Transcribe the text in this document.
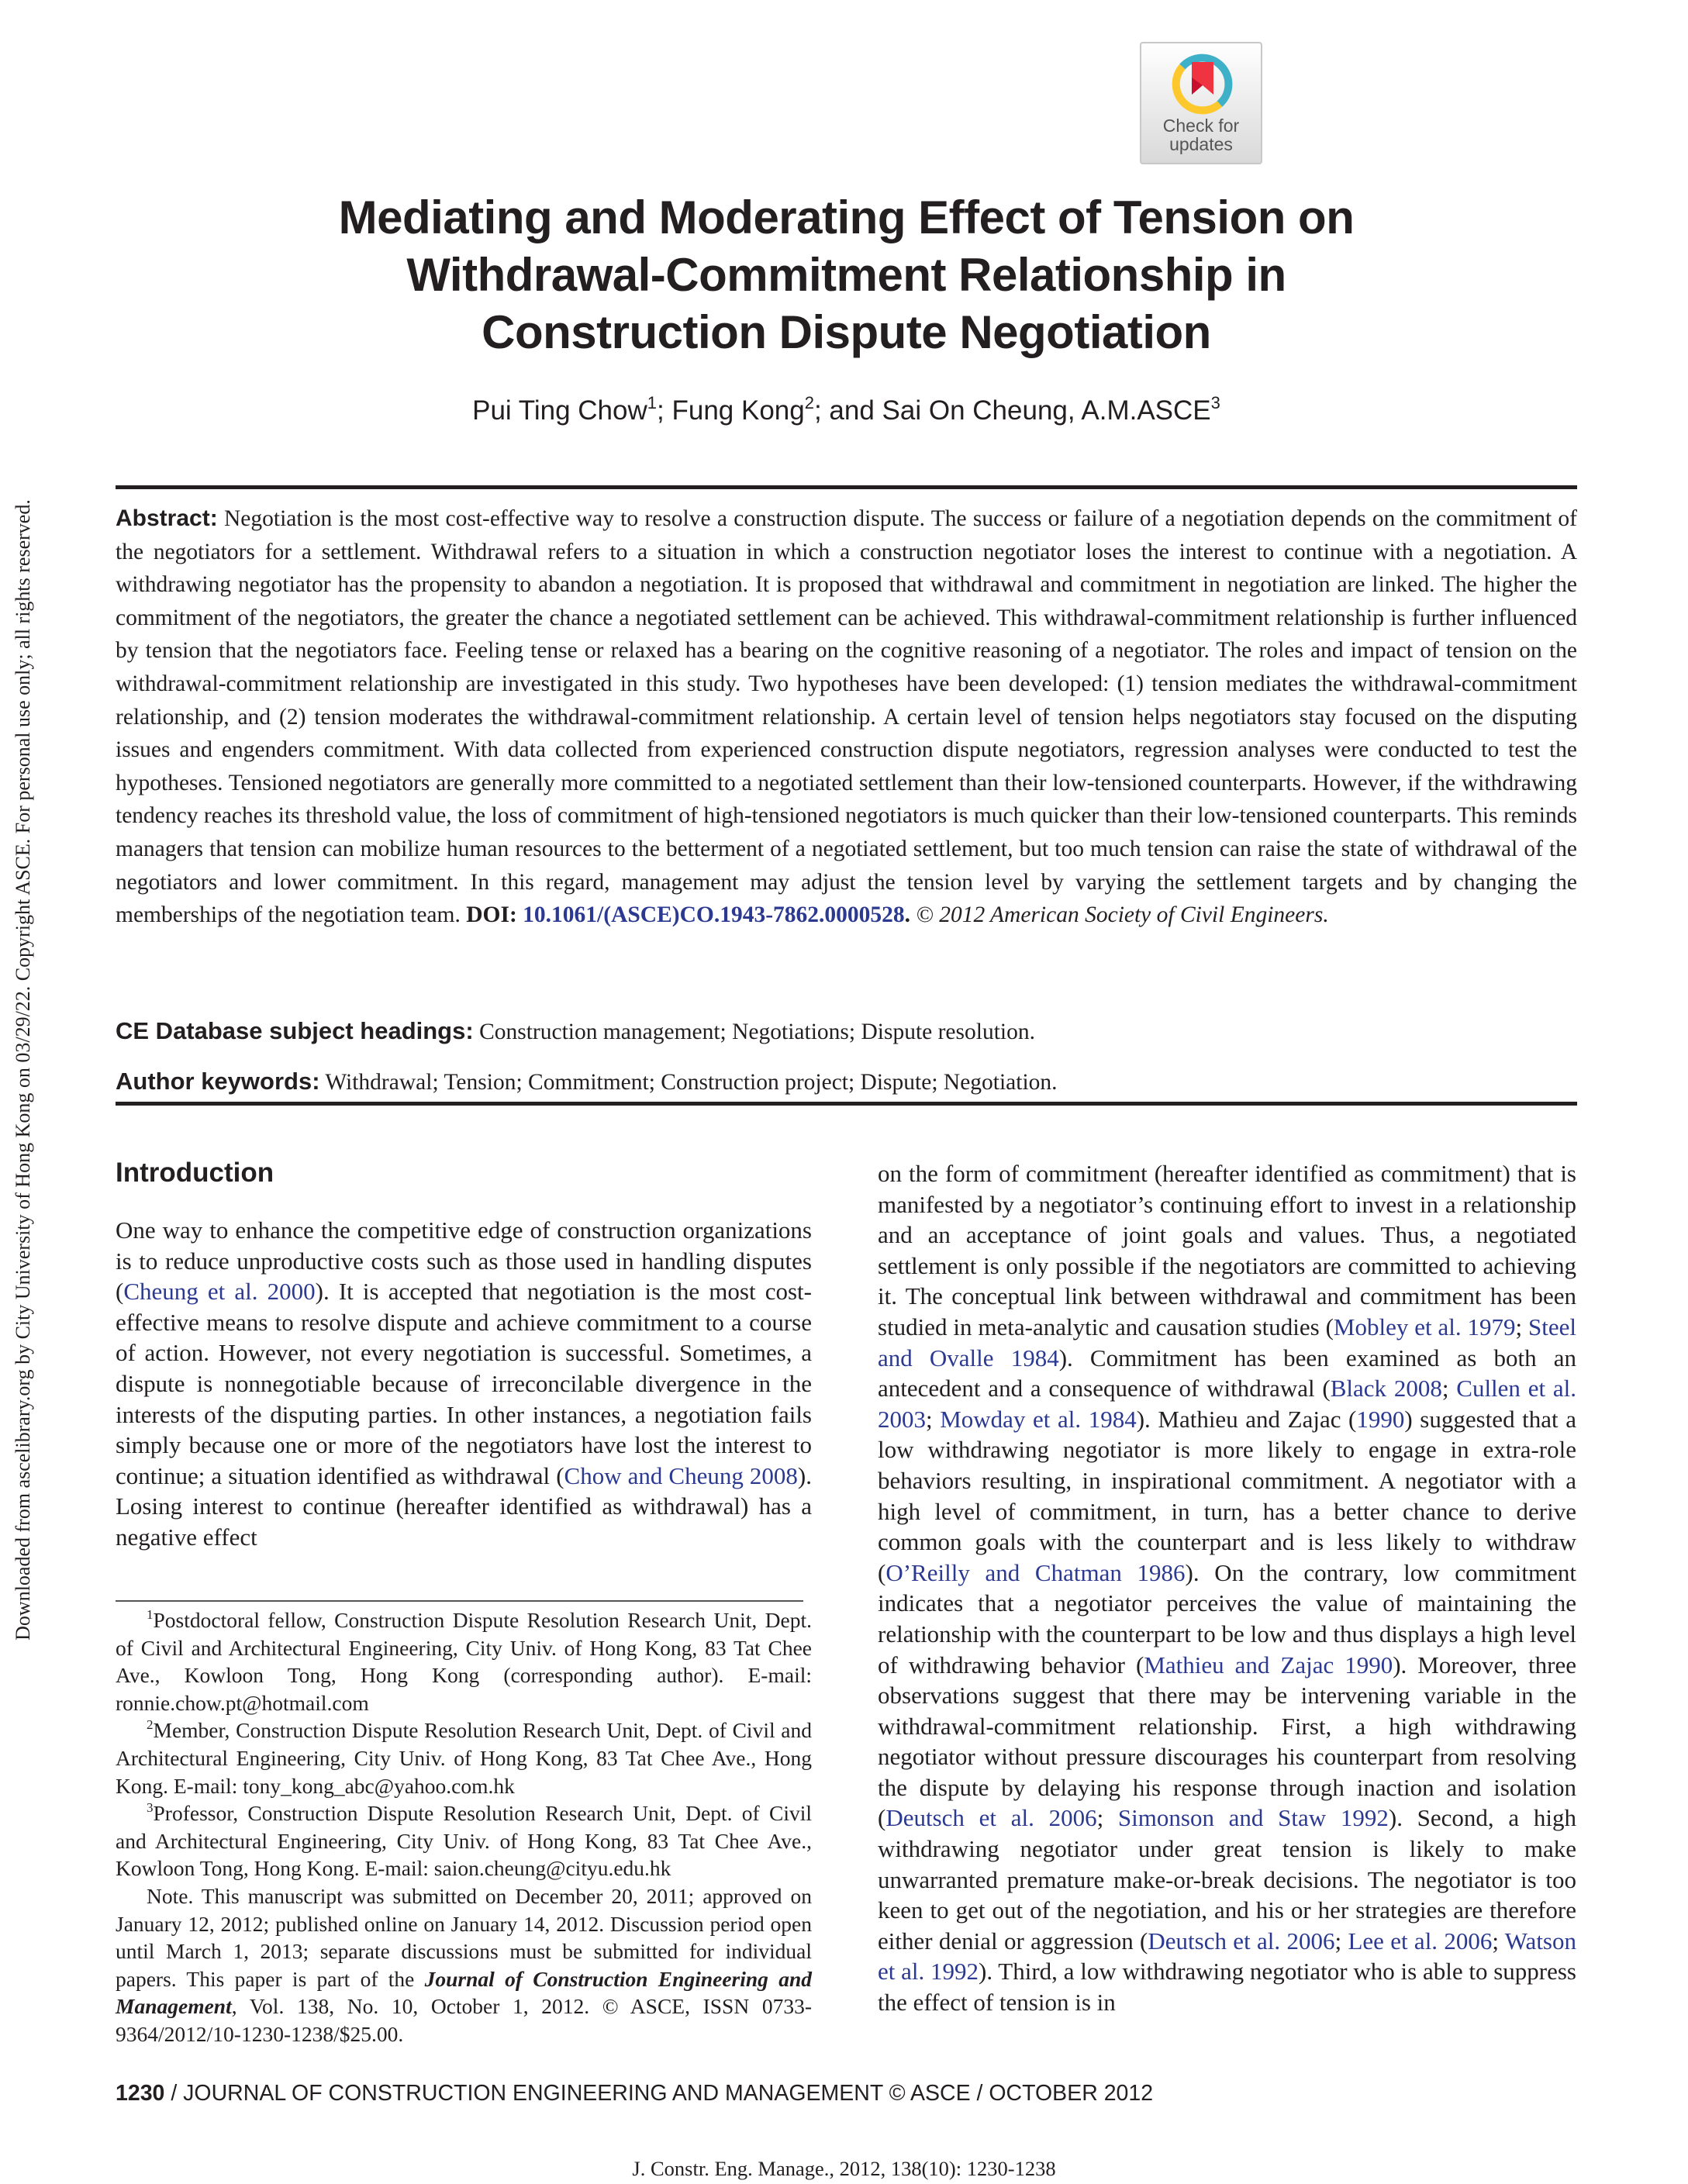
Downloaded from ascelibrary.org by City University of Hong Kong on 03/29/22. Copyright ASCE. For personal use only; all rights reserved.
Check for
updates
Mediating and Moderating Effect of Tension on
Withdrawal-Commitment Relationship in
Construction Dispute Negotiation
Pui Ting Chow$^1$; Fung Kong$^2$; and Sai On Cheung, A.M.ASCE$^3$
Abstract: Negotiation is the most cost-effective way to resolve a construction dispute. The success or failure of a negotiation depends on the commitment of the negotiators for a settlement. Withdrawal refers to a situation in which a construction negotiator loses the interest to continue with a negotiation. A withdrawing negotiator has the propensity to abandon a negotiation. It is proposed that withdrawal and commitment in negotiation are linked. The higher the commitment of the negotiators, the greater the chance a negotiated settlement can be achieved. This withdrawal-commitment relationship is further influenced by tension that the negotiators face. Feeling tense or relaxed has a bearing on the cognitive reasoning of a negotiator. The roles and impact of tension on the withdrawal-commitment relationship are investigated in this study. Two hypotheses have been developed: (1) tension mediates the withdrawal-commitment relationship, and (2) tension moderates the withdrawal-commitment relationship. A certain level of tension helps negotiators stay focused on the disputing issues and engenders commitment. With data collected from experienced construction dispute negotiators, regression analyses were conducted to test the hypotheses. Tensioned negotiators are generally more committed to a negotiated settlement than their low-tensioned counterparts. However, if the withdrawing tendency reaches its threshold value, the loss of commitment of high-tensioned negotiators is much quicker than their low-tensioned counterparts. This reminds managers that tension can mobilize human resources to the betterment of a negotiated settlement, but too much tension can raise the state of withdrawal of the negotiators and lower commitment. In this regard, management may adjust the tension level by varying the settlement targets and by changing the memberships of the negotiation team. DOI: 10.1061/(ASCE)CO.1943-7862.0000528. © 2012 American Society of Civil Engineers.
CE Database subject headings: Construction management; Negotiations; Dispute resolution.
Author keywords: Withdrawal; Tension; Commitment; Construction project; Dispute; Negotiation.
Introduction

One way to enhance the competitive edge of construction organizations is to reduce unproductive costs such as those used in handling disputes (Cheung et al. 2000). It is accepted that negotiation is the most cost-effective means to resolve dispute and achieve commitment to a course of action. However, not every negotiation is successful. Sometimes, a dispute is nonnegotiable because of irreconcilable divergence in the interests of the disputing parties. In other instances, a negotiation fails simply because one or more of the negotiators have lost the interest to continue; a situation identified as withdrawal (Chow and Cheung 2008). Losing interest to continue (hereafter identified as withdrawal) has a negative effect

on the form of commitment (hereafter identified as commitment) that is manifested by a negotiator’s continuing effort to invest in a relationship and an acceptance of joint goals and values. Thus, a negotiated settlement is only possible if the negotiators are committed to achieving it. The conceptual link between withdrawal and commitment has been studied in meta-analytic and causation studies (Mobley et al. 1979; Steel and Ovalle 1984). Commitment has been examined as both an antecedent and a consequence of withdrawal (Black 2008; Cullen et al. 2003; Mowday et al. 1984). Mathieu and Zajac (1990) suggested that a low withdrawing negotiator is more likely to engage in extra-role behaviors resulting, in inspirational commitment. A negotiator with a high level of commitment, in turn, has a better chance to derive common goals with the counterpart and is less likely to withdraw (O’Reilly and Chatman 1986). On the contrary, low commitment indicates that a negotiator perceives the value of maintaining the relationship with the counterpart to be low and thus displays a high level of withdrawing behavior (Mathieu and Zajac 1990). Moreover, three observations suggest that there may be intervening variable in the withdrawal-commitment relationship. First, a high withdrawing negotiator without pressure discourages his counterpart from resolving the dispute by delaying his response through inaction and isolation (Deutsch et al. 2006; Simonson and Staw 1992). Second, a high withdrawing negotiator under great tension is likely to make unwarranted premature make-or-break decisions. The negotiator is too keen to get out of the negotiation, and his or her strategies are therefore either denial or aggression (Deutsch et al. 2006; Lee et al. 2006; Watson et al. 1992). Third, a low withdrawing negotiator who is able to suppress the effect of tension is in

$^1$Postdoctoral fellow, Construction Dispute Resolution Research Unit, Dept. of Civil and Architectural Engineering, City Univ. of Hong Kong, 83 Tat Chee Ave., Kowloon Tong, Hong Kong (corresponding author). E-mail: ronnie.chow.pt@hotmail.com

$^2$Member, Construction Dispute Resolution Research Unit, Dept. of Civil and Architectural Engineering, City Univ. of Hong Kong, 83 Tat Chee Ave., Hong Kong. E-mail: tony_kong_abc@yahoo.com.hk

$^3$Professor, Construction Dispute Resolution Research Unit, Dept. of Civil and Architectural Engineering, City Univ. of Hong Kong, 83 Tat Chee Ave., Kowloon Tong, Hong Kong. E-mail: saion.cheung@cityu.edu.hk

Note. This manuscript was submitted on December 20, 2011; approved on January 12, 2012; published online on January 14, 2012. Discussion period open until March 1, 2013; separate discussions must be submitted for individual papers. This paper is part of the Journal of Construction Engineering and Management, Vol. 138, No. 10, October 1, 2012. © ASCE, ISSN 0733-9364/2012/10-1230-1238/$25.00.

1230 / JOURNAL OF CONSTRUCTION ENGINEERING AND MANAGEMENT © ASCE / OCTOBER 2012
J. Constr. Eng. Manage., 2012, 138(10): 1230-1238
